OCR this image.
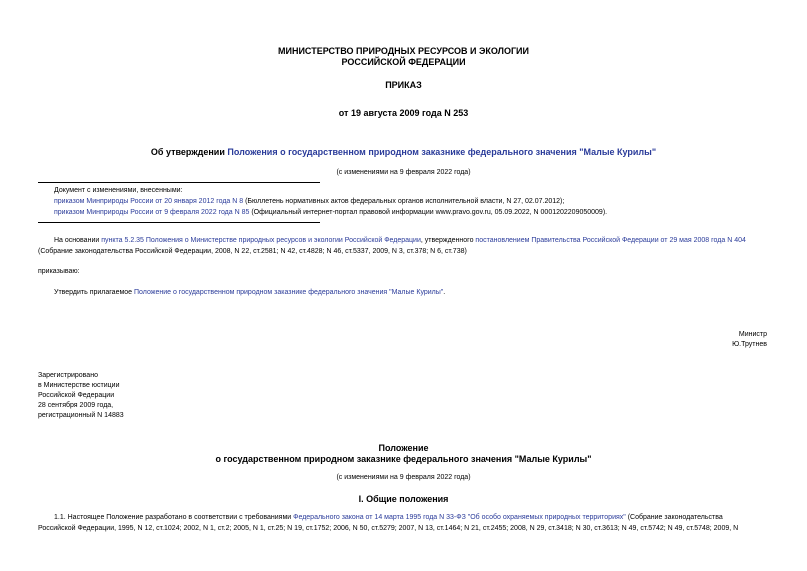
МИНИСТЕРСТВО ПРИРОДНЫХ РЕСУРСОВ И ЭКОЛОГИИ
РОССИЙСКОЙ ФЕДЕРАЦИИ
ПРИКАЗ
от 19 августа 2009 года N 253
Об утверждении Положения о государственном природном заказнике федерального значения "Малые Курилы"
(с изменениями на 9 февраля 2022 года)
Документ с изменениями, внесенными:
приказом Минприроды России от 20 января 2012 года N 8 (Бюллетень нормативных актов федеральных органов исполнительной власти, N 27, 02.07.2012);
приказом Минприроды России от 9 февраля 2022 года N 85 (Официальный интернет-портал правовой информации www.pravo.gov.ru, 05.09.2022, N 0001202209050009).
На основании пункта 5.2.35 Положения о Министерстве природных ресурсов и экологии Российской Федерации, утвержденного постановлением Правительства Российской Федерации от 29 мая 2008 года N 404
(Собрание законодательства Российской Федерации, 2008, N 22, ст.2581; N 42, ст.4828; N 46, ст.5337, 2009, N 3, ст.378; N 6, ст.738)
приказываю:
Утвердить прилагаемое Положение о государственном природном заказнике федерального значения "Малые Курилы".
Министр
Ю.Трутнев
Зарегистрировано
в Министерстве юстиции
Российской Федерации
28 сентября 2009 года,
регистрационный N 14883
Положение
о государственном природном заказнике федерального значения "Малые Курилы"
(с изменениями на 9 февраля 2022 года)
I. Общие положения
1.1. Настоящее Положение разработано в соответствии с требованиями Федерального закона от 14 марта 1995 года N 33-ФЗ "Об особо охраняемых природных территориях" (Собрание законодательства
Российской Федерации, 1995, N 12, ст.1024; 2002, N 1, ст.2; 2005, N 1, ст.25; N 19, ст.1752; 2006, N 50, ст.5279; 2007, N 13, ст.1464; N 21, ст.2455; 2008, N 29, ст.3418; N 30, ст.3613; N 49, ст.5742; N 49, ст.5748; 2009, N
